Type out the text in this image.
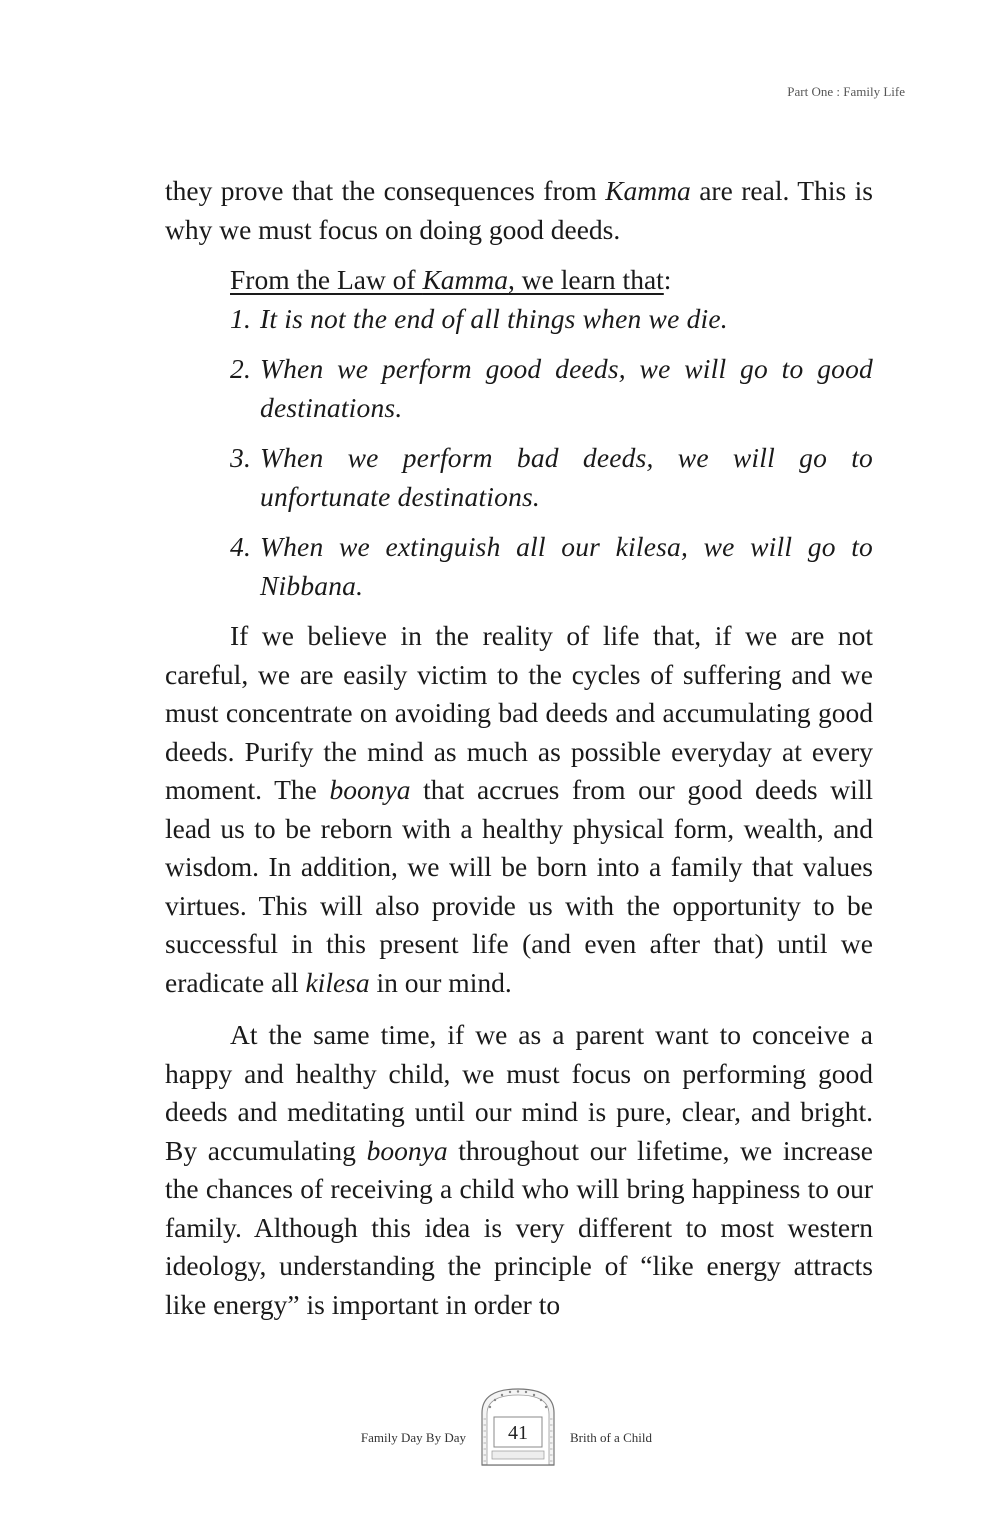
Part One : Family Life

they prove that the consequences from Kamma are real. This is why we must focus on doing good deeds.

From the Law of Kamma, we learn that:

1. It is not the end of all things when we die.
2. When we perform good deeds, we will go to good destinations.
3. When we perform bad deeds, we will go to unfortunate destinations.
4. When we extinguish all our kilesa, we will go to Nibbana.

If we believe in the reality of life that, if we are not careful, we are easily victim to the cycles of suffering and we must concentrate on avoiding bad deeds and accumulating good deeds. Purify the mind as much as possible everyday at every moment. The boonya that accrues from our good deeds will lead us to be reborn with a healthy physical form, wealth, and wisdom. In addition, we will be born into a family that values virtues. This will also provide us with the opportunity to be successful in this present life (and even after that) until we eradicate all kilesa in our mind.

At the same time, if we as a parent want to conceive a happy and healthy child, we must focus on performing good deeds and meditating until our mind is pure, clear, and bright. By accumulating boonya throughout our lifetime, we increase the chances of receiving a child who will bring happiness to our family. Although this idea is very different to most western ideology, understanding the principle of “like energy attracts like energy” is important in order to

Family Day By Day	41	Brith of a Child
